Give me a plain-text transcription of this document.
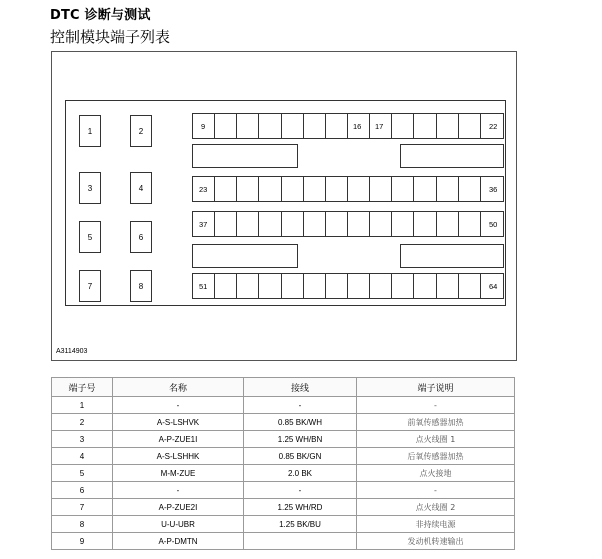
DTC 诊断与测试
控制模块端子列表
1	2
3	4
5	6
7	8
9	16 17	22
23	36
37	50
51	64
A3114903
端子号	名称	接线	端子说明
1	-	-	-
2	A-S-LSHVK	0.85 BK/WH	前氧传感器加热
3	A-P-ZUE1I	1.25 WH/BN	点火线圈 1
4	A-S-LSHHK	0.85 BK/GN	后氧传感器加热
5	M-M-ZUE	2.0 BK	点火接地
6	-	-	-
7	A-P-ZUE2I	1.25 WH/RD	点火线圈 2
8	U-U-UBR	1.25 BK/BU	非持续电源
9	A-P-DMTN		发动机转速输出
